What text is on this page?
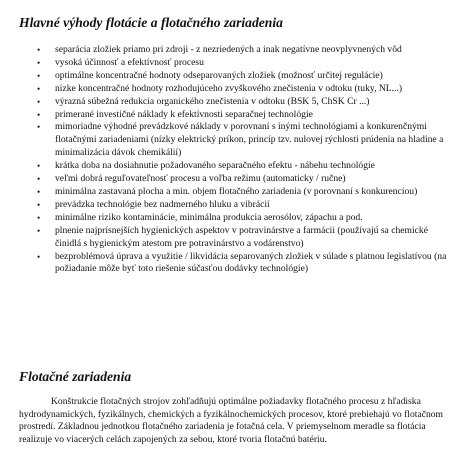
Hlavné výhody flotácie a flotačného zariadenia
• separácia zložiek priamo pri zdroji - z nezriedených a inak negatívne neovplyvnených vôd
• vysoká účinnosť a efektívnosť procesu
• optimálne koncentračné hodnoty odseparovaných zložiek (možnosť určitej regulácie)
• nízke koncentračné hodnoty rozhodujúceho zvyškového znečistenia v odtoku (tuky, NL...)
• výrazná súbežná redukcia organického znečistenia v odtoku (BSK 5, ChSK Cr ...)
• primerané investičné náklady k efektívnosti separačnej technológie
• mimoriadne výhodné prevádzkové náklady v porovnaní s inými technológiami a konkurenčnými flotačnými zariadeniami (nízky elektrický príkon, princíp tzv. nulovej rýchlosti prúdenia na hladine a minimalizácia dávok chemikálií)
• krátka doba na dosiahnutie požadovaného separačného efektu - nábehu technológie
• veľmi dobrá reguľovateľnosť procesu a voľba režimu (automaticky / ručne)
• minimálna zastavaná plocha a min. objem flotačného zariadenia (v porovnaní s konkurenciou)
• prevádzka technológie bez nadmerného hluku a vibrácií
• minimálne riziko kontaminácie, minimálna produkcia aerosólov, zápachu a pod.
• plnenie najprísnejších hygienických aspektov v potravinárstve a farmácii (používajú sa chemické činidlá s hygienickým atestom pre potravinárstvo a vodárenstvo)
• bezproblémová úprava a využitie / likvidácia separovaných zložiek v súlade s platnou legislatívou (na požiadanie môže byť toto riešenie súčasťou dodávky technológie)
Flotačné zariadenia

Konštrukcie flotačných strojov zohľadňujú optimálne požiadavky flotačného procesu z hľadiska hydrodynamických, fyzikálnych, chemických a fyzikálnochemických procesov, ktoré prebiehajú vo flotačnom prostredí. Základnou jednotkou flotačného zariadenia je fotačná cela. V priemyselnom meradle sa flotácia realizuje vo viacerých celách zapojených za sebou, ktoré tvoria flotačnú batériu.
